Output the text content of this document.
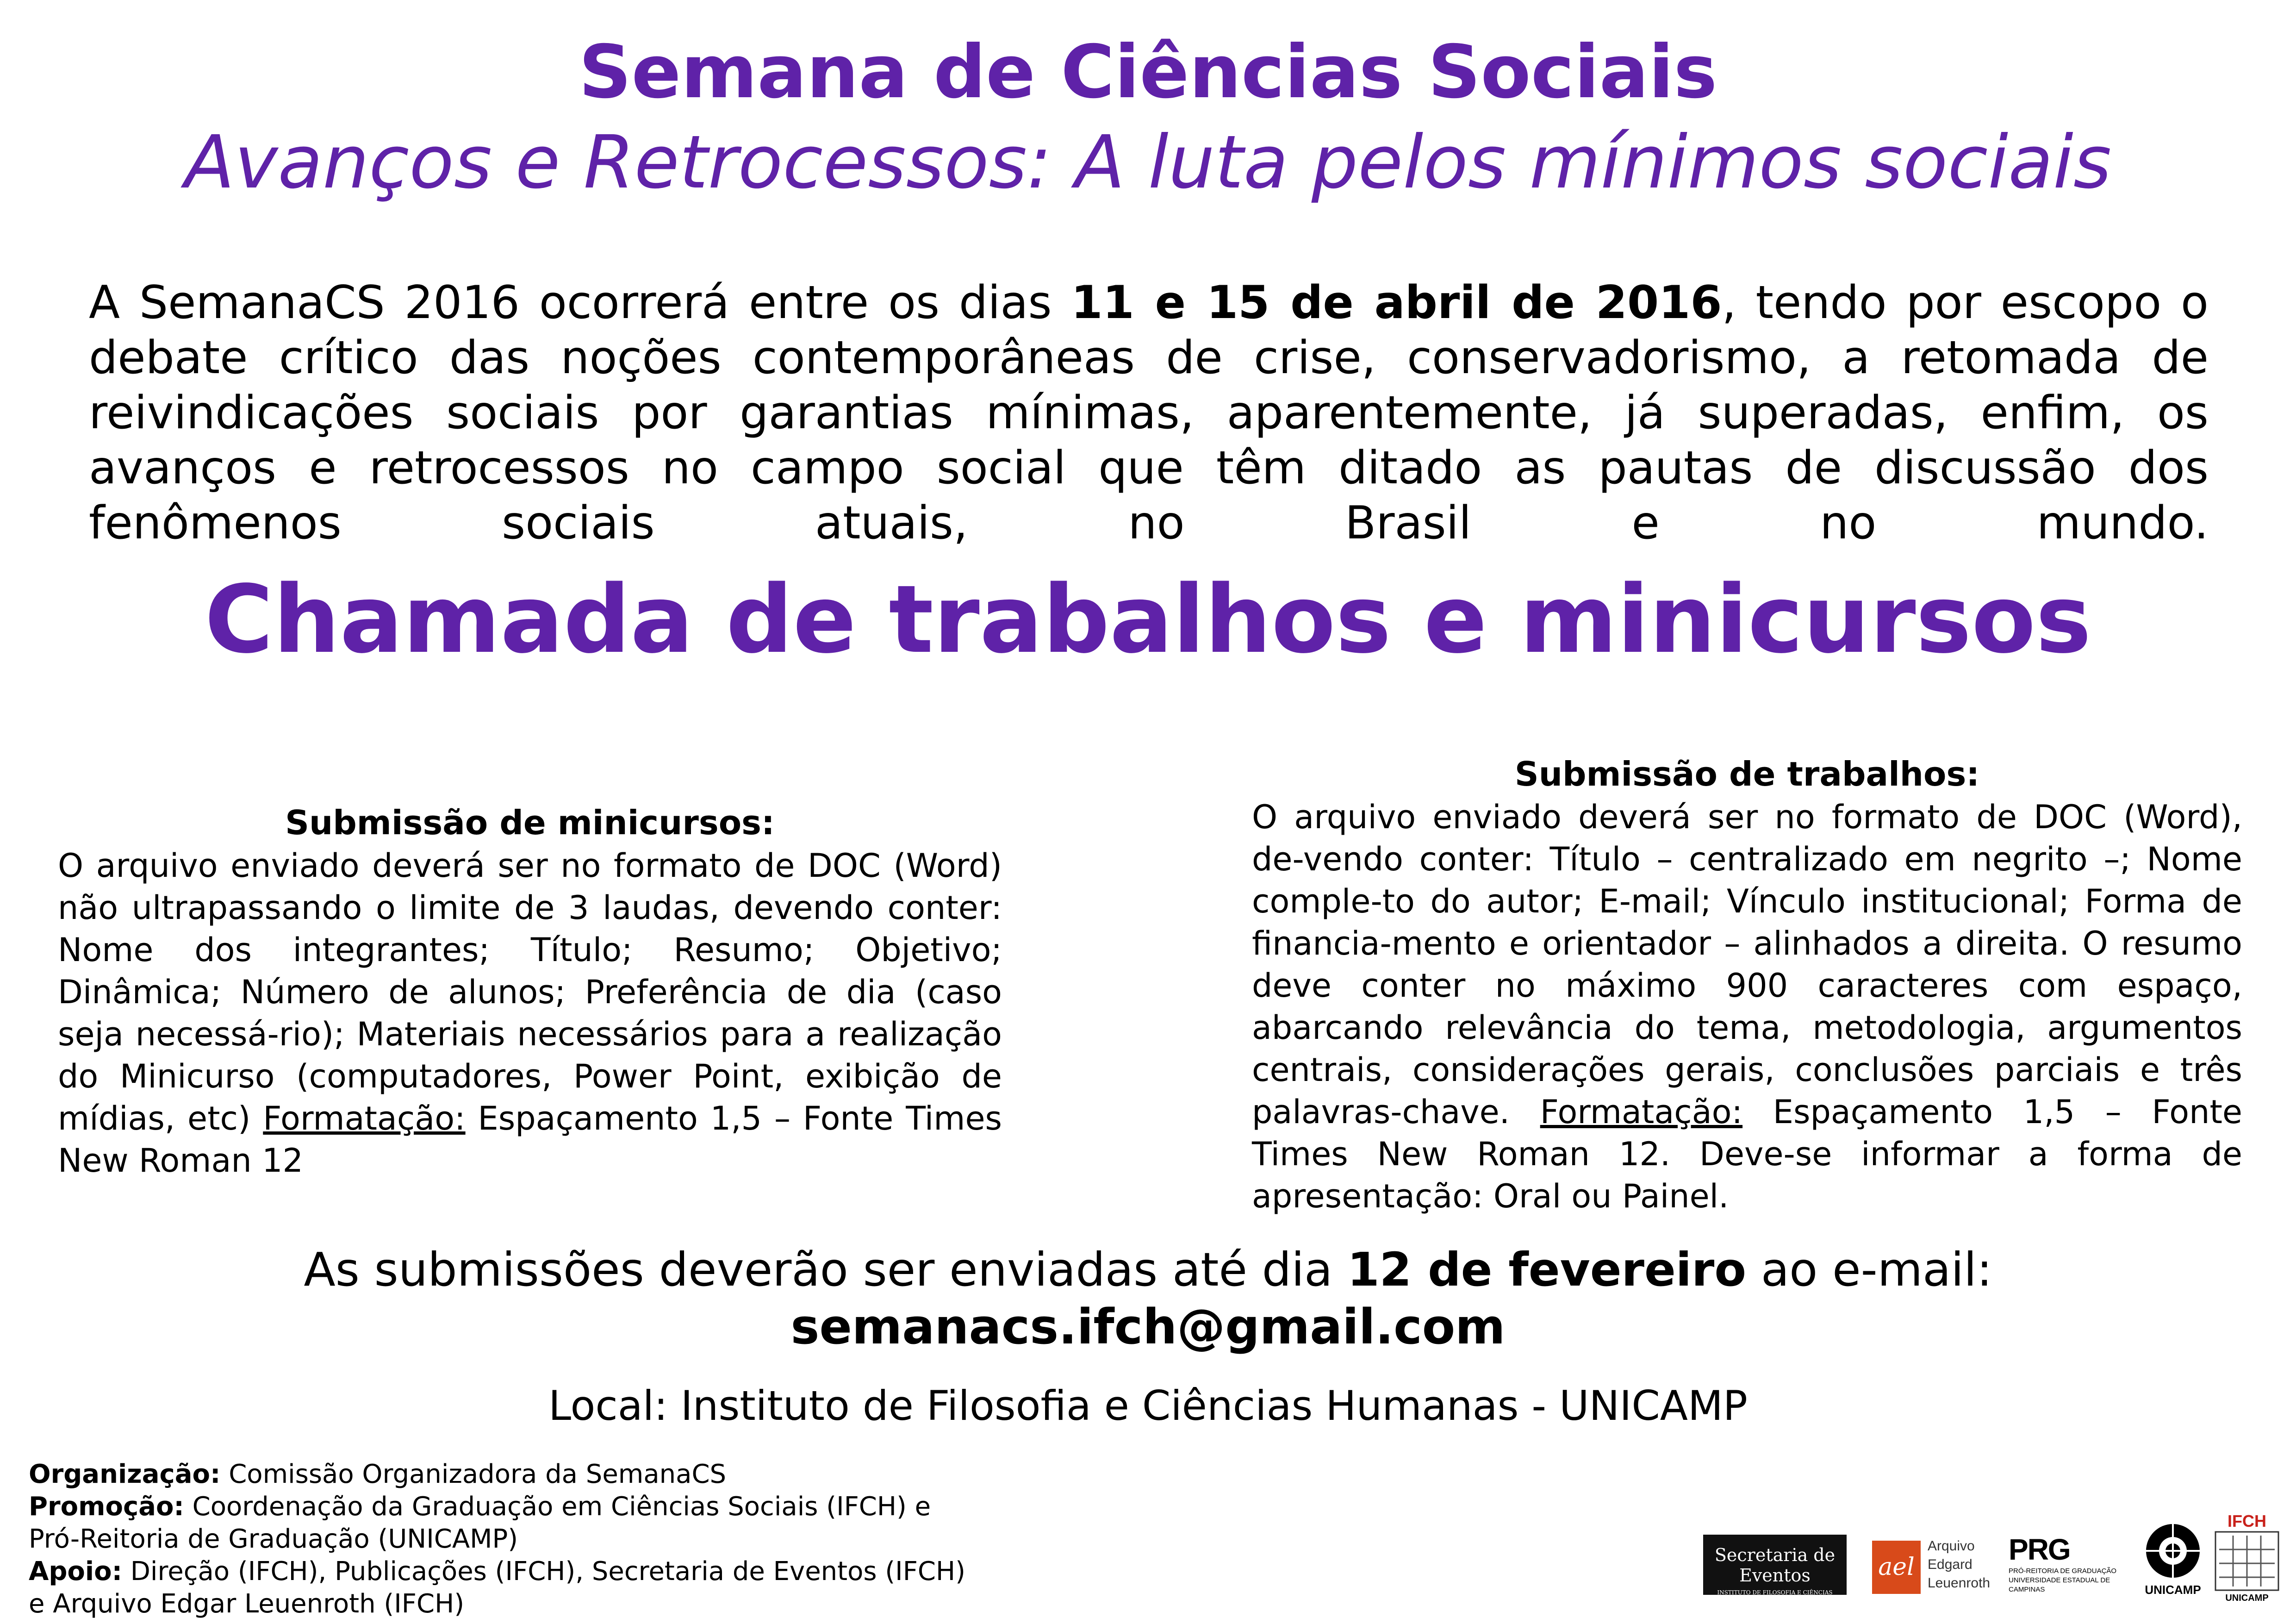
Semana de Ciências Sociais
Avanços e Retrocessos: A luta pelos mínimos sociais
A SemanaCS 2016 ocorrerá entre os dias 11 e 15 de abril de 2016, tendo por escopo o debate crítico das noções contemporâneas de crise, conservadorismo, a retomada de reivindicações sociais por garantias mínimas, aparentemente, já superadas, enfim, os avanços e retrocessos no campo social que têm ditado as pautas de discussão dos fenômenos sociais atuais, no Brasil e no mundo.
Chamada de trabalhos e minicursos
Submissão de minicursos:

O arquivo enviado deverá ser no formato de DOC (Word) não ultrapassando o limite de 3 laudas, devendo conter: Nome dos integrantes; Título; Resumo; Objetivo; Dinâmica; Número de alunos; Preferência de dia (caso seja necessá-rio); Materiais necessários para a realização do Minicurso (computadores, Power Point, exibição de mídias, etc) Formatação: Espaçamento 1,5 – Fonte Times New Roman 12

Submissão de trabalhos:

O arquivo enviado deverá ser no formato de DOC (Word), de-vendo conter: Título – centralizado em negrito –; Nome comple-to do autor; E-mail; Vínculo institucional; Forma de financia-mento e orientador – alinhados a direita. O resumo deve conter no máximo 900 caracteres com espaço, abarcando relevância do tema, metodologia, argumentos centrais, considerações gerais, conclusões parciais e três palavras-chave. Formatação: Espaçamento 1,5 – Fonte Times New Roman 12. Deve-se informar a forma de apresentação: Oral ou Painel.

As submissões deverão ser enviadas até dia 12 de fevereiro ao e-mail:
semanacs.ifch@gmail.com
Local: Instituto de Filosofia e Ciências Humanas - UNICAMP
Organização: Comissão Organizadora da SemanaCS
Promoção: Coordenação da Graduação em Ciências Sociais (IFCH) e
Pró-Reitoria de Graduação (UNICAMP)
Apoio: Direção (IFCH), Publicações (IFCH), Secretaria de Eventos (IFCH)
e Arquivo Edgar Leuenroth (IFCH)
Secretaria de Eventos
INSTITUTO DE FILOSOFIA E CIÊNCIAS HUMANAS
ael
Arquivo
Edgard
Leuenroth
PRG
PRÓ-REITORIA DE GRADUAÇÃO
UNIVERSIDADE ESTADUAL DE CAMPINAS	UNICAMP
IFCH
UNICAMP
